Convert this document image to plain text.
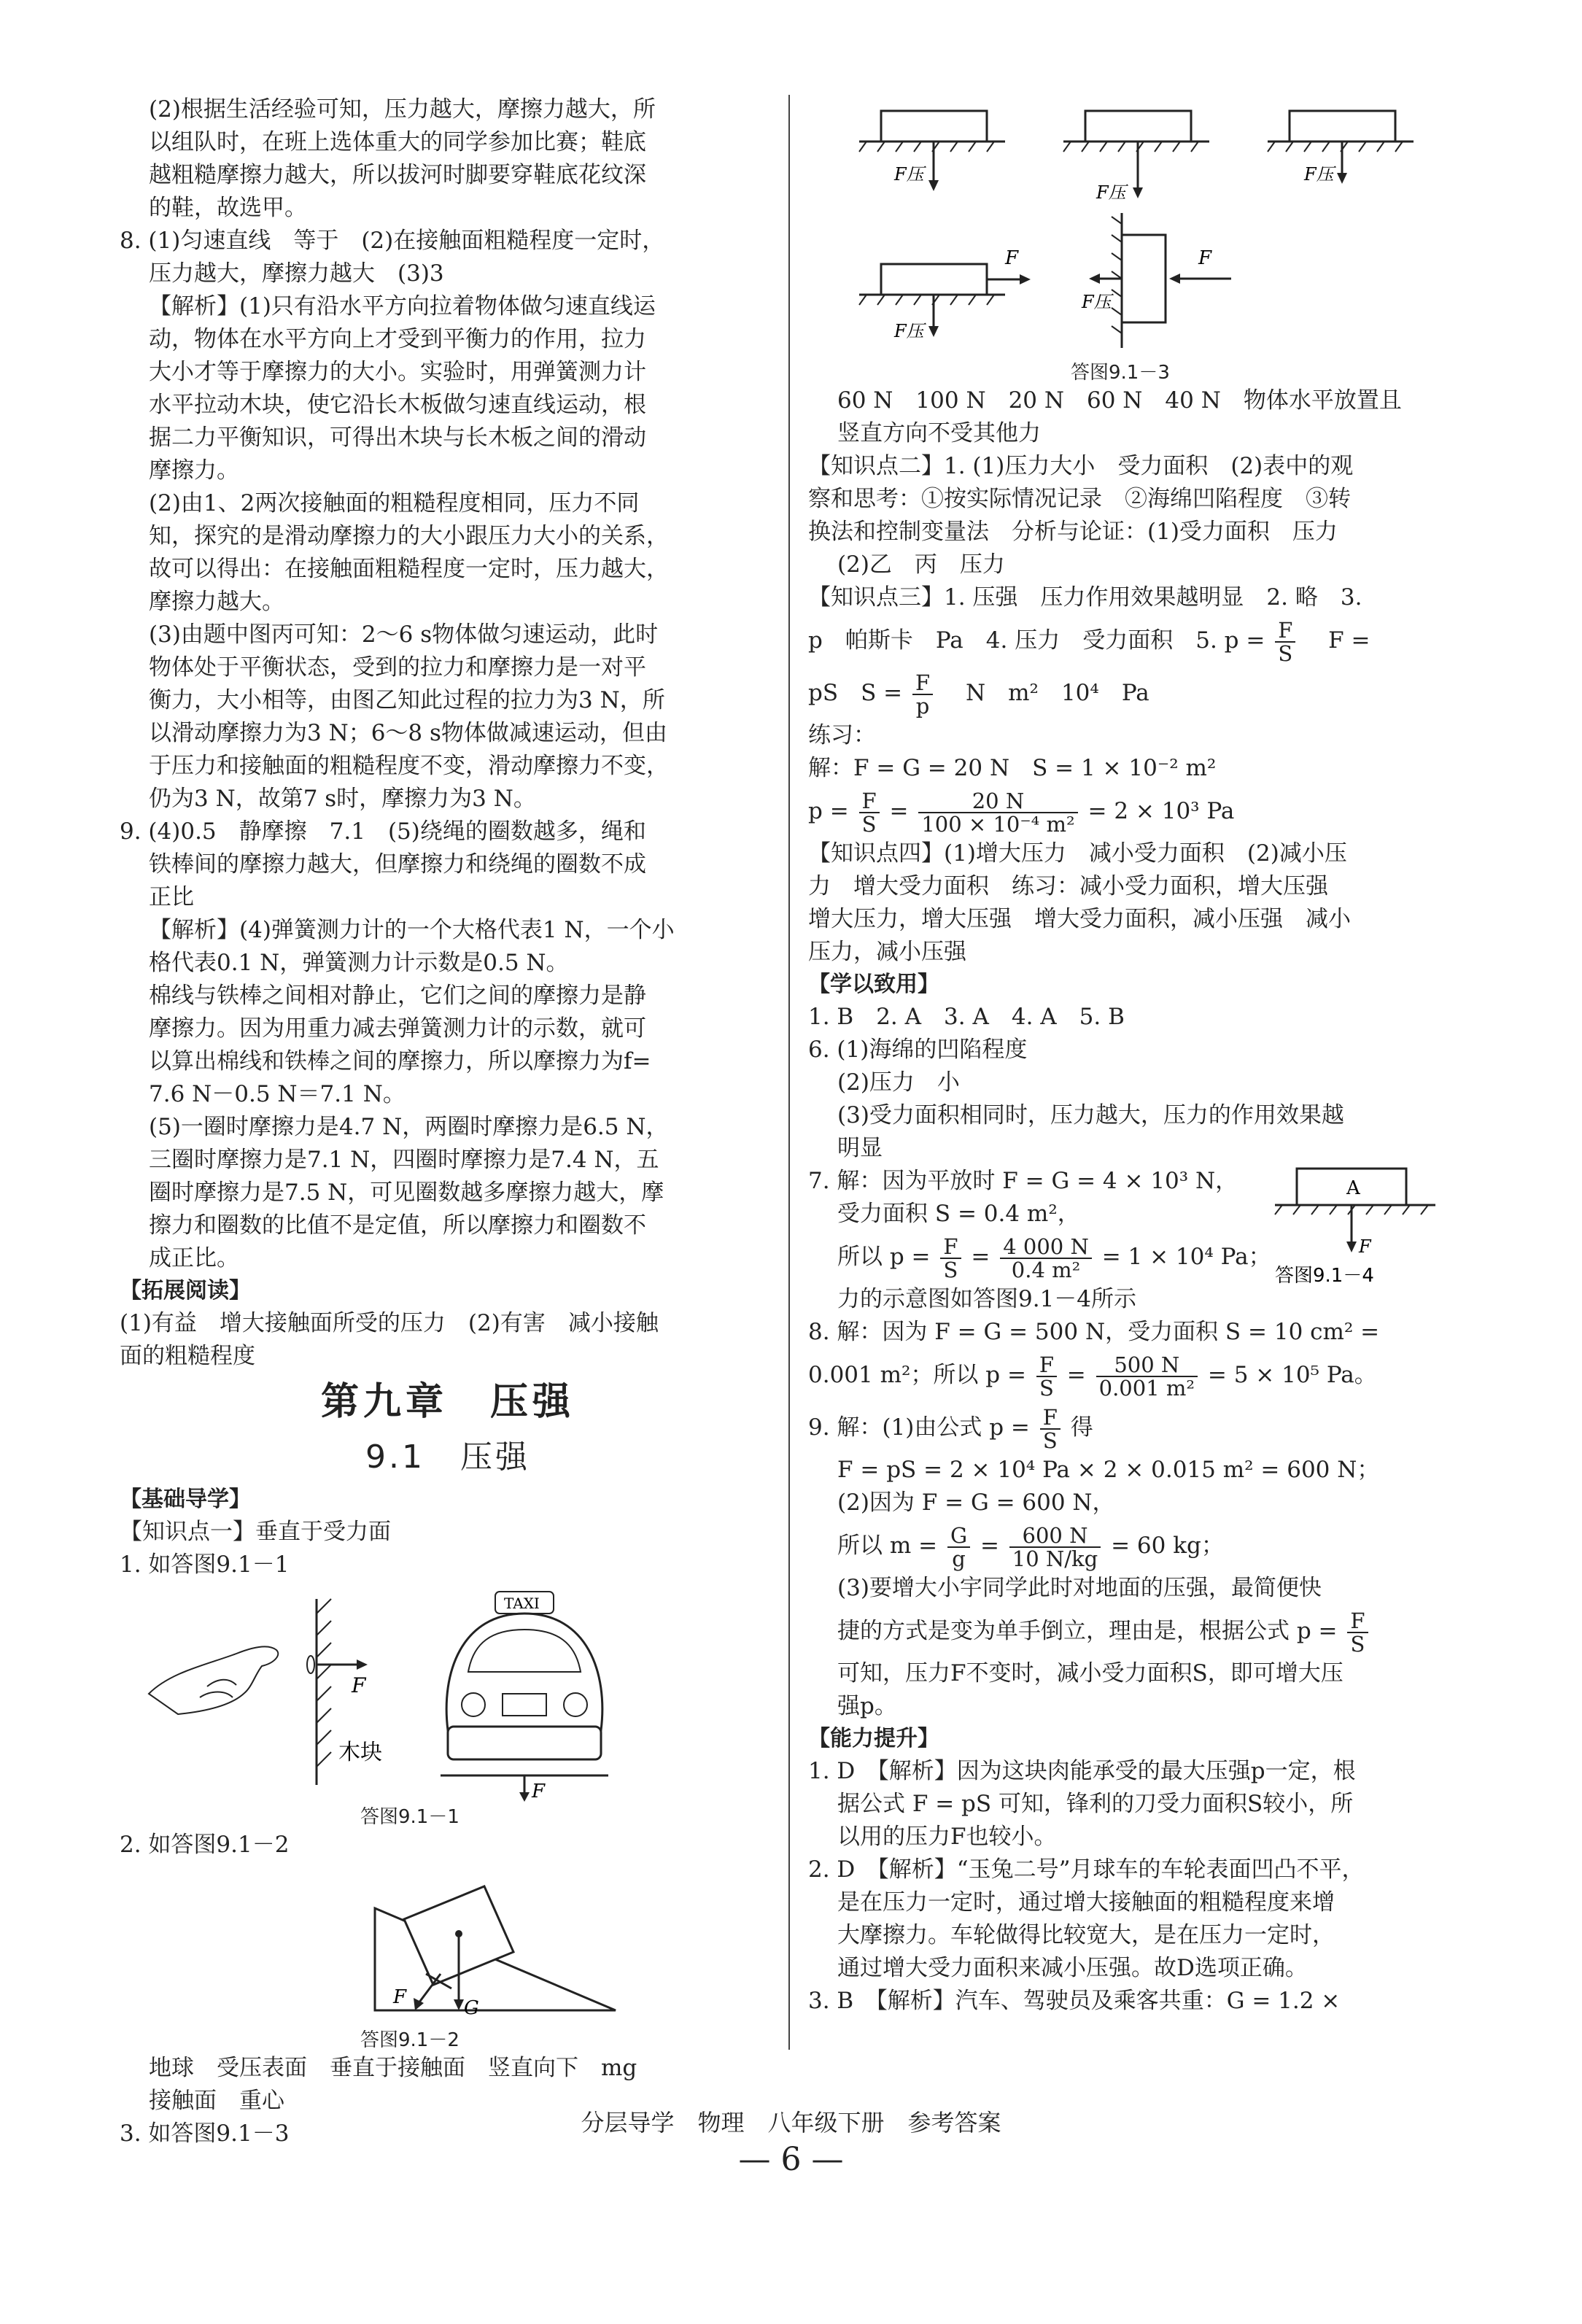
(2)根据生活经验可知，压力越大，摩擦力越大，所
以组队时，在班上选体重大的同学参加比赛；鞋底
越粗糙摩擦力越大，所以拔河时脚要穿鞋底花纹深
的鞋，故选甲。
8. (1)匀速直线　等于　(2)在接触面粗糙程度一定时，
压力越大，摩擦力越大　(3)3
【解析】(1)只有沿水平方向拉着物体做匀速直线运
动，物体在水平方向上才受到平衡力的作用，拉力
大小才等于摩擦力的大小。实验时，用弹簧测力计
水平拉动木块，使它沿长木板做匀速直线运动，根
据二力平衡知识，可得出木块与长木板之间的滑动
摩擦力。
(2)由1、2两次接触面的粗糙程度相同，压力不同
知，探究的是滑动摩擦力的大小跟压力大小的关系，
故可以得出：在接触面粗糙程度一定时，压力越大，
摩擦力越大。
(3)由题中图丙可知：2～6 s物体做匀速运动，此时
物体处于平衡状态，受到的拉力和摩擦力是一对平
衡力，大小相等，由图乙知此过程的拉力为3 N，所
以滑动摩擦力为3 N；6～8 s物体做减速运动，但由
于压力和接触面的粗糙程度不变，滑动摩擦力不变，
仍为3 N，故第7 s时，摩擦力为3 N。
9. (4)0.5　静摩擦　7.1　(5)绕绳的圈数越多，绳和
铁棒间的摩擦力越大，但摩擦力和绕绳的圈数不成
正比
【解析】(4)弹簧测力计的一个大格代表1 N，一个小
格代表0.1 N，弹簧测力计示数是0.5 N。
棉线与铁棒之间相对静止，它们之间的摩擦力是静
摩擦力。因为用重力减去弹簧测力计的示数，就可
以算出棉线和铁棒之间的摩擦力，所以摩擦力为f=
7.6 N－0.5 N＝7.1 N。
(5)一圈时摩擦力是4.7 N，两圈时摩擦力是6.5 N，
三圈时摩擦力是7.1 N，四圈时摩擦力是7.4 N，五
圈时摩擦力是7.5 N，可见圈数越多摩擦力越大，摩
擦力和圈数的比值不是定值，所以摩擦力和圈数不
成正比。
【拓展阅读】
(1)有益　增大接触面所受的压力　(2)有害　减小接触
面的粗糙程度
第九章　压强
9.1　压强
【基础导学】
【知识点一】垂直于受力面
1. 如答图9.1－1
F
木块
TAXI
F
答图9.1－1
2. 如答图9.1－2
G
F
答图9.1－2
地球　受压表面　垂直于接触面　竖直向下　mg
接触面　重心
3. 如答图9.1－3
F压
F压
F压
F
F压
F
F压
答图9.1－3
60 N　100 N　20 N　60 N　40 N　物体水平放置且
竖直方向不受其他力
【知识点二】1. (1)压力大小　受力面积　(2)表中的观
察和思考：①按实际情况记录　②海绵凹陷程度　③转
换法和控制变量法　分析与论证：(1)受力面积　压力
(2)乙　丙　压力
【知识点三】1. 压强　压力作用效果越明显　2. 略　3.
p　帕斯卡　Pa　4. 压力　受力面积　5. $p = \frac{F}{S}$
　 F =
pS　$S = \frac{F}{p}$
　 N　m²　10⁴　Pa
练习：
解：F = G = 20 N　S = 1 × 10⁻² m²
$p = \frac{F}{S} = \frac{20 N}{\text{100 × 10⁻⁴ m²}} = 2 \times 10^3$ Pa
【知识点四】(1)增大压力　减小受力面积　(2)减小压
力　增大受力面积　练习：减小受力面积，增大压强
增大压力，增大压强　增大受力面积，减小压强　减小
压力，减小压强
【学以致用】
1. B　2. A　3. A　4. A　5. B
6. (1)海绵的凹陷程度
(2)压力　小
(3)受力面积相同时，压力越大，压力的作用效果越
明显
7. 解：因为平放时 F = G = 4 × 10³ N，
受力面积 S = 0.4 m²，
所以 $p = \frac{F}{S} = \frac{4 000 N}{\text{0.4 m²}} = 1 \times 10^4$ Pa；
力的示意图如答图9.1－4所示
A
F
答图9.1－4
8. 解：因为 F = G = 500 N，受力面积 S = 10 cm² =
0.001 m²；所以 $p = \frac{F}{S} = \frac{500 N}{\text{0.001 m²}} = 5 \times 10^5$ Pa。
9. 解：(1)由公式 $p = \frac{F}{S}$ 得
F = pS = 2 × 10⁴ Pa × 2 × 0.015 m² = 600 N；
(2)因为 F = G = 600 N，
所以 $m = \frac{G}{g} = \frac{600 N}{10 N/kg} = 60$ kg；
(3)要增大小宇同学此时对地面的压强，最简便快
捷的方式是变为单手倒立，理由是，根据公式 $p = \frac{F}{S}$
可知，压力F不变时，减小受力面积S，即可增大压
强p。
【能力提升】
1. D　【解析】因为这块肉能承受的最大压强p一定，根
据公式 F = pS 可知，锋利的刀受力面积S较小，所
以用的压力F也较小。
2. D　【解析】“玉兔二号”月球车的车轮表面凹凸不平，
是在压力一定时，通过增大接触面的粗糙程度来增
大摩擦力。车轮做得比较宽大，是在压力一定时，
通过增大受力面积来减小压强。故D选项正确。
3. B　【解析】汽车、驾驶员及乘客共重：G = 1.2 ×
分层导学　物理　八年级下册　参考答案
— 6 —
